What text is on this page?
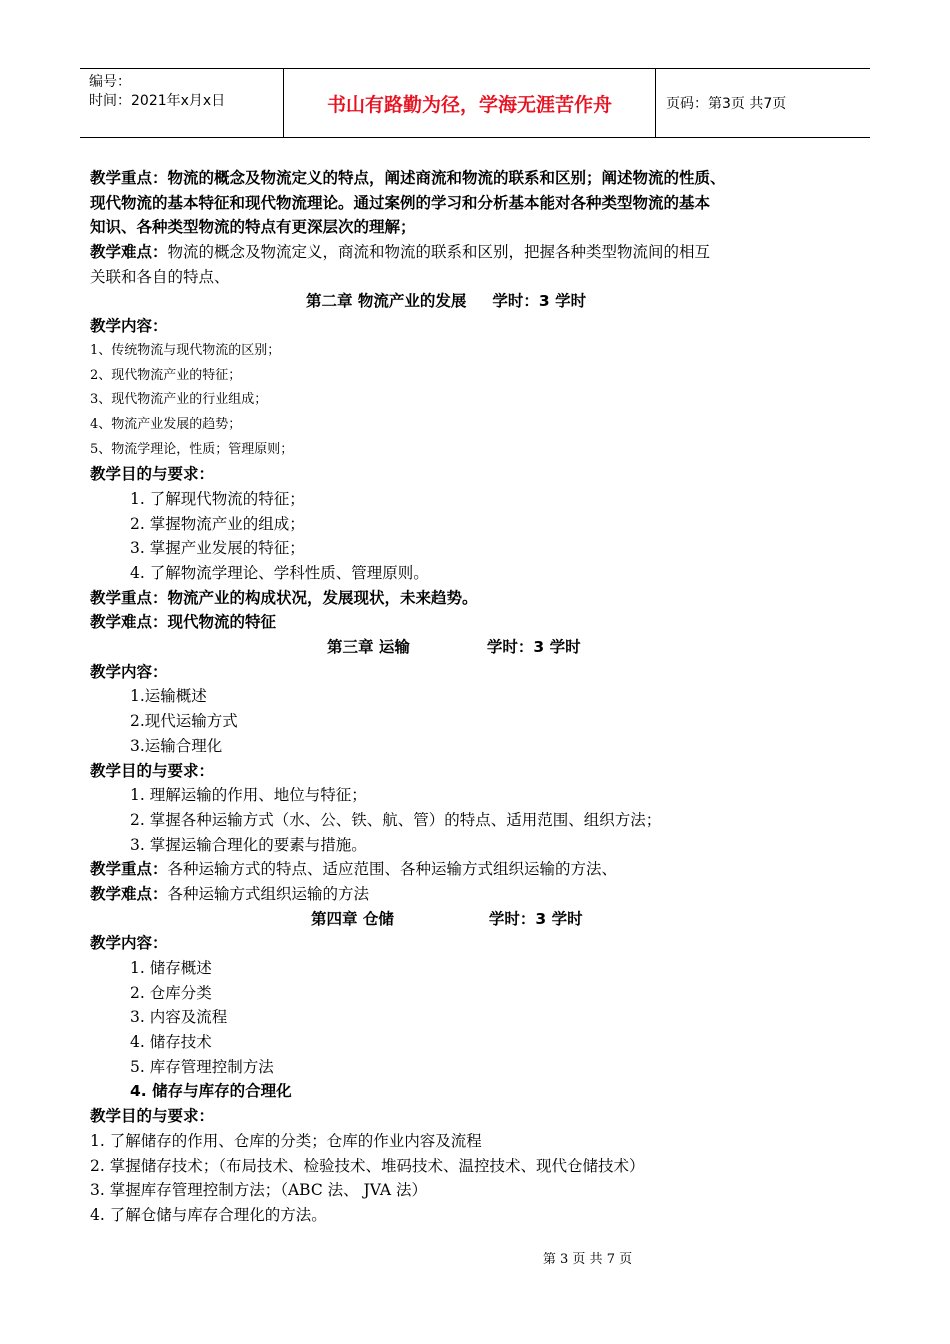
编号：
时间：2021年x月x日	书山有路勤为径，学海无涯苦作舟	页码：第3页 共7页
教学重点：物流的概念及物流定义的特点，阐述商流和物流的联系和区别；阐述物流的性质、
现代物流的基本特征和现代物流理论。通过案例的学习和分析基本能对各种类型物流的基本
知识、各种类型物流的特点有更深层次的理解；
教学难点：物流的概念及物流定义，商流和物流的联系和区别，把握各种类型物流间的相互
关联和各自的特点、
第二章 物流产业的发展 学时：3 学时
教学内容：
1、传统物流与现代物流的区别；
2、现代物流产业的特征；
3、现代物流产业的行业组成；
4、物流产业发展的趋势；
5、物流学理论，性质；管理原则；
教学目的与要求：
1. 了解现代物流的特征；
2. 掌握物流产业的组成；
3. 掌握产业发展的特征；
4. 了解物流学理论、学科性质、管理原则。
教学重点：物流产业的构成状况，发展现状，未来趋势。
教学难点：现代物流的特征
第三章 运输	学时：3 学时
教学内容：
1.运输概述
2.现代运输方式
3.运输合理化
教学目的与要求：
1. 理解运输的作用、地位与特征；
2. 掌握各种运输方式（水、公、铁、航、管）的特点、适用范围、组织方法；
3. 掌握运输合理化的要素与措施。
教学重点：各种运输方式的特点、适应范围、各种运输方式组织运输的方法、
教学难点：各种运输方式组织运输的方法
第四章 仓储	学时：3 学时
教学内容：
1. 储存概述
2. 仓库分类
3. 内容及流程
4. 储存技术
5. 库存管理控制方法
4. 储存与库存的合理化
教学目的与要求：
1. 了解储存的作用、仓库的分类；仓库的作业内容及流程
2. 掌握储存技术；（布局技术、检验技术、堆码技术、温控技术、现代仓储技术）
3. 掌握库存管理控制方法；（ABC 法、 JVA 法）
4. 了解仓储与库存合理化的方法。
第 3 页 共 7 页
